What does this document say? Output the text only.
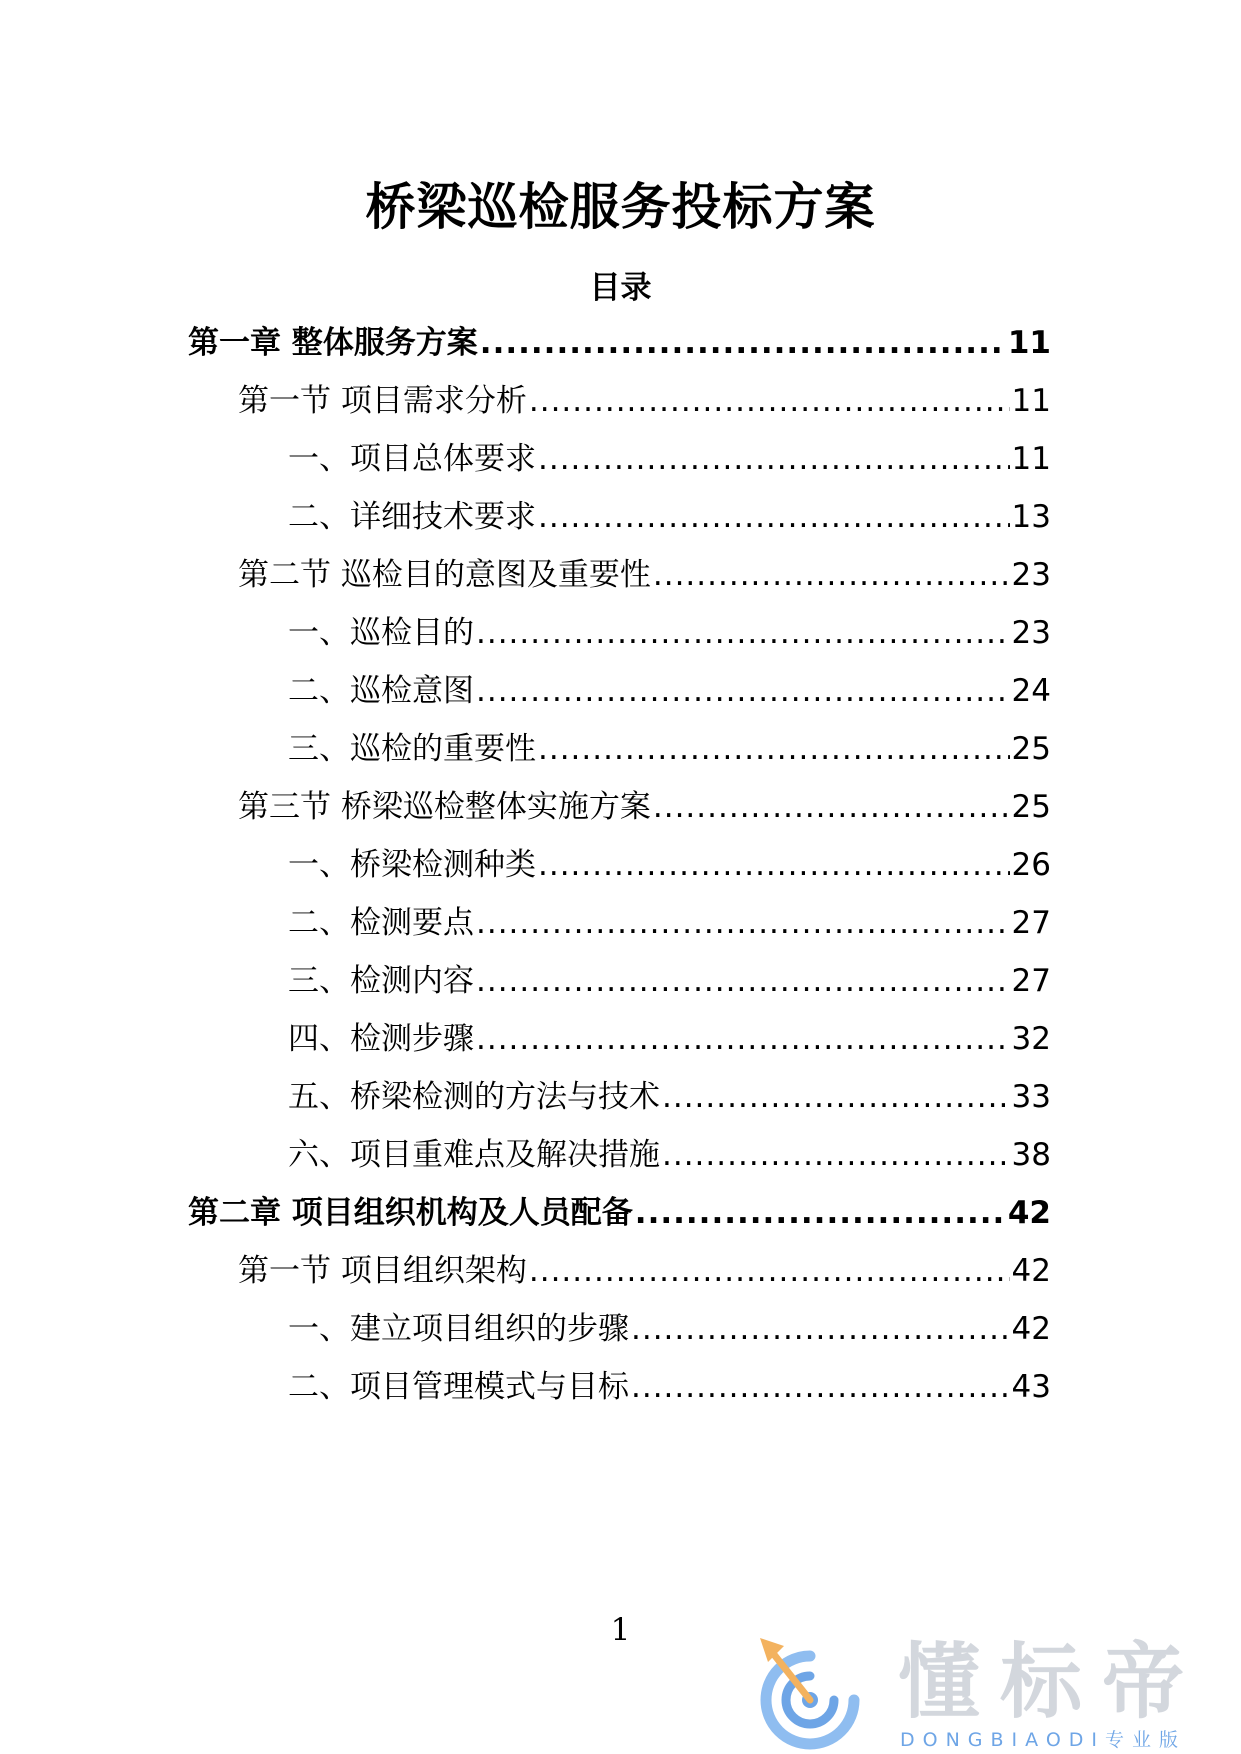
桥梁巡检服务投标方案
目录
第一章 整体服务方案 .....	11
第一节 项目需求分析 .....	11
一、项目总体要求 .....	11
二、详细技术要求 .....	13
第二节 巡检目的意图及重要性 .....	23
一、巡检目的 .....	23
二、巡检意图 .....	24
三、巡检的重要性 .....	25
第三节 桥梁巡检整体实施方案 .....	25
一、桥梁检测种类 .....	26
二、检测要点 .....	27
三、检测内容 .....	27
四、检测步骤 .....	32
五、桥梁检测的方法与技术 .....	33
六、项目重难点及解决措施 .....	38
第二章 项目组织机构及人员配备 .....	42
第一节 项目组织架构 .....	42
一、建立项目组织的步骤 .....	42
二、项目管理模式与目标 .....	43
1
懂标帝
DONGBIAODI专业版
